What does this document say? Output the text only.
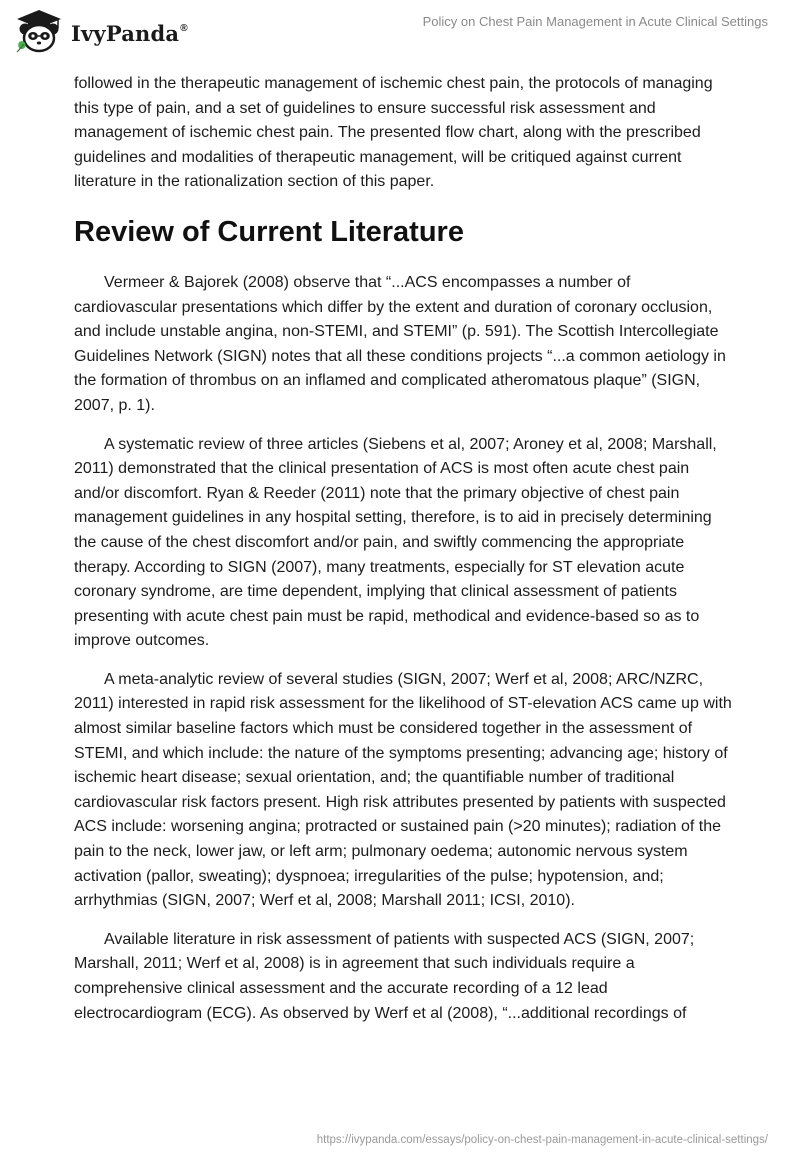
IvyPanda®	Policy on Chest Pain Management in Acute Clinical Settings

followed in the therapeutic management of ischemic chest pain, the protocols of managing this type of pain, and a set of guidelines to ensure successful risk assessment and management of ischemic chest pain. The presented flow chart, along with the prescribed guidelines and modalities of therapeutic management, will be critiqued against current literature in the rationalization section of this paper.

Review of Current Literature

Vermeer & Bajorek (2008) observe that “...ACS encompasses a number of cardiovascular presentations which differ by the extent and duration of coronary occlusion, and include unstable angina, non-STEMI, and STEMI” (p. 591). The Scottish Intercollegiate Guidelines Network (SIGN) notes that all these conditions projects “...a common aetiology in the formation of thrombus on an inflamed and complicated atheromatous plaque” (SIGN, 2007, p. 1).

A systematic review of three articles (Siebens et al, 2007; Aroney et al, 2008; Marshall, 2011) demonstrated that the clinical presentation of ACS is most often acute chest pain and/or discomfort. Ryan & Reeder (2011) note that the primary objective of chest pain management guidelines in any hospital setting, therefore, is to aid in precisely determining the cause of the chest discomfort and/or pain, and swiftly commencing the appropriate therapy. According to SIGN (2007), many treatments, especially for ST elevation acute coronary syndrome, are time dependent, implying that clinical assessment of patients presenting with acute chest pain must be rapid, methodical and evidence-based so as to improve outcomes.

A meta-analytic review of several studies (SIGN, 2007; Werf et al, 2008; ARC/NZRC, 2011) interested in rapid risk assessment for the likelihood of ST-elevation ACS came up with almost similar baseline factors which must be considered together in the assessment of STEMI, and which include: the nature of the symptoms presenting; advancing age; history of ischemic heart disease; sexual orientation, and; the quantifiable number of traditional cardiovascular risk factors present. High risk attributes presented by patients with suspected ACS include: worsening angina; protracted or sustained pain (>20 minutes); radiation of the pain to the neck, lower jaw, or left arm; pulmonary oedema; autonomic nervous system activation (pallor, sweating); dyspnoea; irregularities of the pulse; hypotension, and; arrhythmias (SIGN, 2007; Werf et al, 2008; Marshall 2011; ICSI, 2010).

Available literature in risk assessment of patients with suspected ACS (SIGN, 2007; Marshall, 2011; Werf et al, 2008) is in agreement that such individuals require a comprehensive clinical assessment and the accurate recording of a 12 lead electrocardiogram (ECG). As observed by Werf et al (2008), “...additional recordings of

https://ivypanda.com/essays/policy-on-chest-pain-management-in-acute-clinical-settings/
